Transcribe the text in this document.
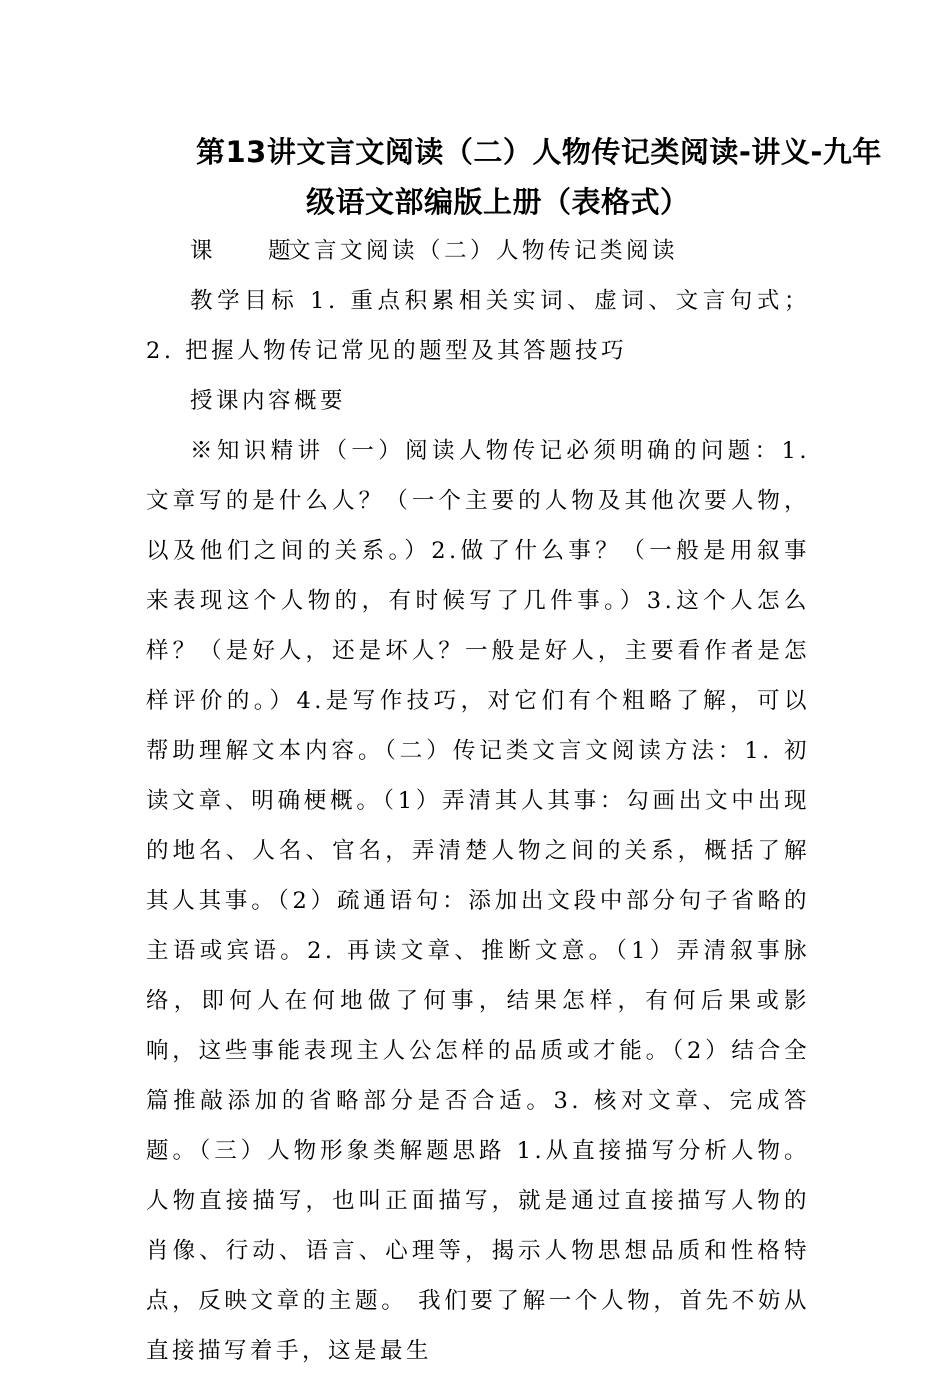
第13讲文言文阅读（二）人物传记类阅读-讲义-九年
级语文部编版上册（表格式）
课　　题文言文阅读（二）人物传记类阅读
教学目标 1. 重点积累相关实词、虚词、文言句式；2. 把握人物传记常见的题型及其答题技巧
授课内容概要
※知识精讲（一）阅读人物传记必须明确的问题：1.文章写的是什么人？（一个主要的人物及其他次要人物，以及他们之间的关系。）2.做了什么事？（一般是用叙事来表现这个人物的，有时候写了几件事。）3.这个人怎么样？（是好人，还是坏人？一般是好人，主要看作者是怎样评价的。）4.是写作技巧，对它们有个粗略了解，可以帮助理解文本内容。（二）传记类文言文阅读方法：1. 初读文章、明确梗概。（1）弄清其人其事：勾画出文中出现的地名、人名、官名，弄清楚人物之间的关系，概括了解其人其事。（2）疏通语句：添加出文段中部分句子省略的主语或宾语。2. 再读文章、推断文意。（1）弄清叙事脉络，即何人在何地做了何事，结果怎样，有何后果或影响，这些事能表现主人公怎样的品质或才能。（2）结合全篇推敲添加的省略部分是否合适。3. 核对文章、完成答题。（三）人物形象类解题思路 1.从直接描写分析人物。人物直接描写，也叫正面描写，就是通过直接描写人物的肖像、行动、语言、心理等，揭示人物思想品质和性格特点，反映文章的主题。 我们要了解一个人物，首先不妨从直接描写着手，这是最生
